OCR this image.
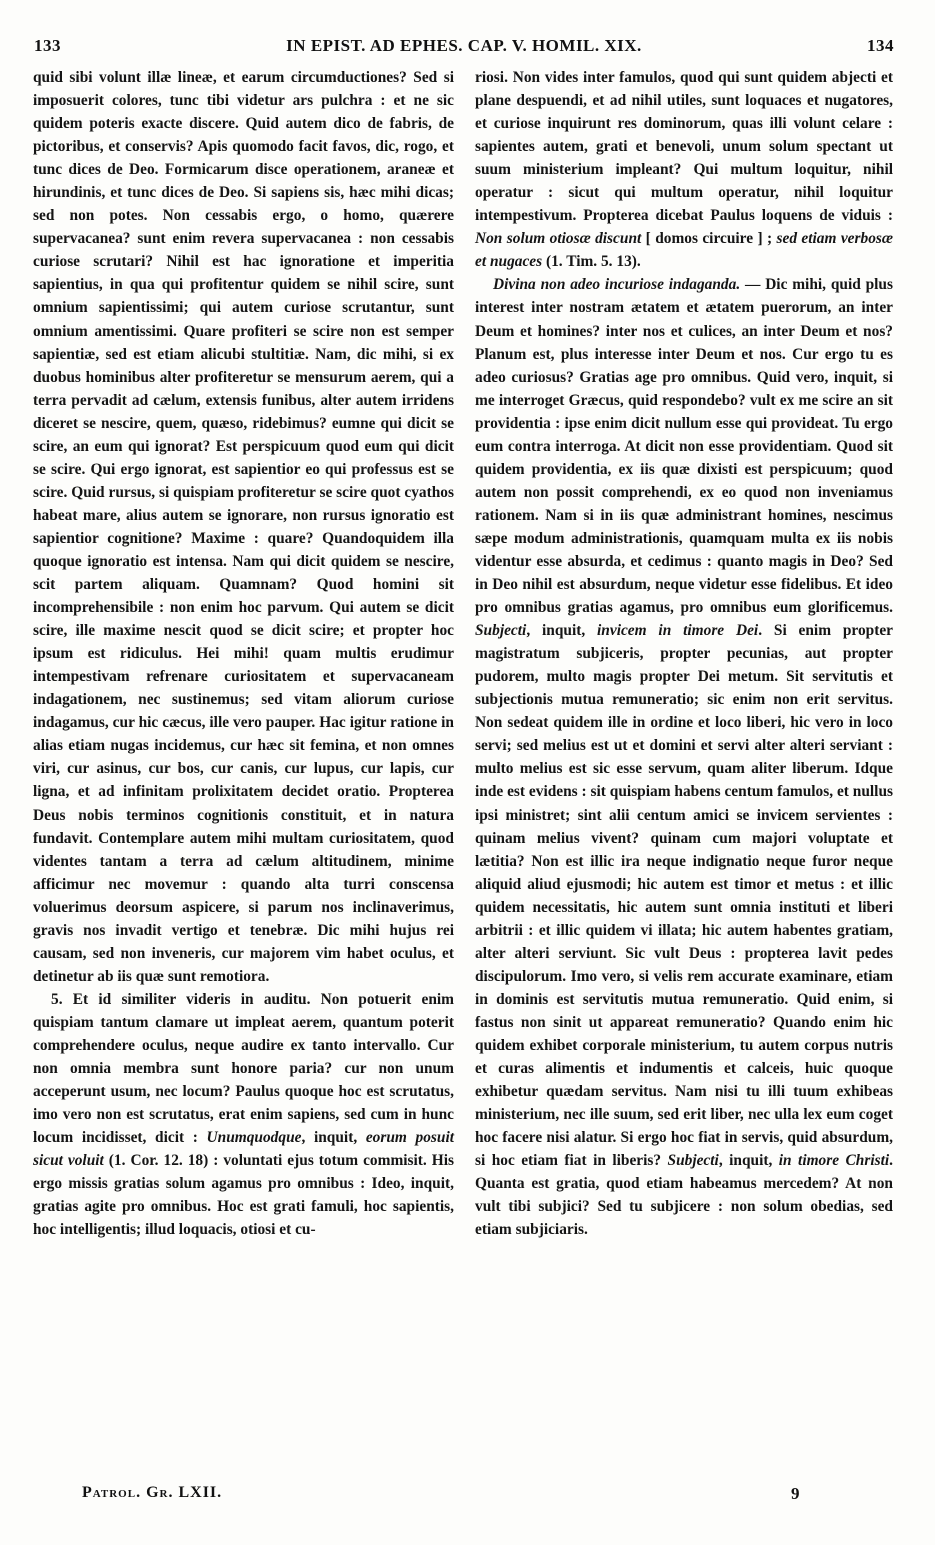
133	IN EPIST. AD EPHES. CAP. V. HOMIL. XIX.	134

quid sibi volunt illæ lineæ, et earum circumductiones? Sed si imposuerit colores, tunc tibi videtur ars pulchra : et ne sic quidem poteris exacte discere. Quid autem dico de fabris, de pictoribus, et conservis? Apis quomodo facit favos, dic, rogo, et tunc dices de Deo. Formicarum disce operationem, araneæ et hirundinis, et tunc dices de Deo. Si sapiens sis, hæc mihi dicas; sed non potes. Non cessabis ergo, o homo, quærere supervacanea? sunt enim revera supervacanea : non cessabis curiose scrutari? Nihil est hac ignoratione et imperitia sapientius, in qua qui profitentur quidem se nihil scire, sunt omnium sapientissimi; qui autem curiose scrutantur, sunt omnium amentissimi. Quare profiteri se scire non est semper sapientiæ, sed est etiam alicubi stultitiæ. Nam, dic mihi, si ex duobus hominibus alter profiteretur se mensurum aerem, qui a terra pervadit ad cælum, extensis funibus, alter autem irridens diceret se nescire, quem, quæso, ridebimus? eumne qui dicit se scire, an eum qui ignorat? Est perspicuum quod eum qui dicit se scire. Qui ergo ignorat, est sapientior eo qui professus est se scire. Quid rursus, si quispiam profiteretur se scire quot cyathos habeat mare, alius autem se ignorare, non rursus ignoratio est sapientior cognitione? Maxime : quare? Quandoquidem illa quoque ignoratio est intensa. Nam qui dicit quidem se nescire, scit partem aliquam. Quamnam? Quod homini sit incomprehensibile : non enim hoc parvum. Qui autem se dicit scire, ille maxime nescit quod se dicit scire; et propter hoc ipsum est ridiculus. Hei mihi! quam multis erudimur intempestivam refrenare curiositatem et supervacaneam indagationem, nec sustinemus; sed vitam aliorum curiose indagamus, cur hic cæcus, ille vero pauper. Hac igitur ratione in alias etiam nugas incidemus, cur hæc sit femina, et non omnes viri, cur asinus, cur bos, cur canis, cur lupus, cur lapis, cur ligna, et ad infinitam prolixitatem decidet oratio. Propterea Deus nobis terminos cognitionis constituit, et in natura fundavit. Contemplare autem mihi multam curiositatem, quod videntes tantam a terra ad cælum altitudinem, minime afficimur nec movemur : quando alta turri conscensa voluerimus deorsum aspicere, si parum nos inclinaverimus, gravis nos invadit vertigo et tenebræ. Dic mihi hujus rei causam, sed non inveneris, cur majorem vim habet oculus, et detinetur ab iis quæ sunt remotiora.

5. Et id similiter videris in auditu. Non potuerit enim quispiam tantum clamare ut impleat aerem, quantum poterit comprehendere oculus, neque audire ex tanto intervallo. Cur non omnia membra sunt honore paria? cur non unum acceperunt usum, nec locum? Paulus quoque hoc est scrutatus, imo vero non est scrutatus, erat enim sapiens, sed cum in hunc locum incidisset, dicit : Unumquodque, inquit, eorum posuit sicut voluit (1. Cor. 12. 18) : voluntati ejus totum commisit. His ergo missis gratias solum agamus pro omnibus : Ideo, inquit, gratias agite pro omnibus. Hoc est grati famuli, hoc sapientis, hoc intelligentis; illud loquacis, otiosi et cu-

riosi. Non vides inter famulos, quod qui sunt quidem abjecti et plane despuendi, et ad nihil utiles, sunt loquaces et nugatores, et curiose inquirunt res dominorum, quas illi volunt celare : sapientes autem, grati et benevoli, unum solum spectant ut suum ministerium impleant? Qui multum loquitur, nihil operatur : sicut qui multum operatur, nihil loquitur intempestivum. Propterea dicebat Paulus loquens de viduis : Non solum otiosæ discunt [ domos circuire ] ; sed etiam verbosæ et nugaces (1. Tim. 5. 13).

Divina non adeo incuriose indaganda. — Dic mihi, quid plus interest inter nostram ætatem et ætatem puerorum, an inter Deum et homines? inter nos et culices, an inter Deum et nos? Planum est, plus interesse inter Deum et nos. Cur ergo tu es adeo curiosus? Gratias age pro omnibus. Quid vero, inquit, si me interroget Græcus, quid respondebo? vult ex me scire an sit providentia : ipse enim dicit nullum esse qui provideat. Tu ergo eum contra interroga. At dicit non esse providentiam. Quod sit quidem providentia, ex iis quæ dixisti est perspicuum; quod autem non possit comprehendi, ex eo quod non inveniamus rationem. Nam si in iis quæ administrant homines, nescimus sæpe modum administrationis, quamquam multa ex iis nobis videntur esse absurda, et cedimus : quanto magis in Deo? Sed in Deo nihil est absurdum, neque videtur esse fidelibus. Et ideo pro omnibus gratias agamus, pro omnibus eum glorificemus. Subjecti, inquit, invicem in timore Dei. Si enim propter magistratum subjiceris, propter pecunias, aut propter pudorem, multo magis propter Dei metum. Sit servitutis et subjectionis mutua remuneratio; sic enim non erit servitus. Non sedeat quidem ille in ordine et loco liberi, hic vero in loco servi; sed melius est ut et domini et servi alter alteri serviant : multo melius est sic esse servum, quam aliter liberum. Idque inde est evidens : sit quispiam habens centum famulos, et nullus ipsi ministret; sint alii centum amici se invicem servientes : quinam melius vivent? quinam cum majori voluptate et lætitia? Non est illic ira neque indignatio neque furor neque aliquid aliud ejusmodi; hic autem est timor et metus : et illic quidem necessitatis, hic autem sunt omnia instituti et liberi arbitrii : et illic quidem vi illata; hic autem habentes gratiam, alter alteri serviunt. Sic vult Deus : propterea lavit pedes discipulorum. Imo vero, si velis rem accurate examinare, etiam in dominis est servitutis mutua remuneratio. Quid enim, si fastus non sinit ut appareat remuneratio? Quando enim hic quidem exhibet corporale ministerium, tu autem corpus nutris et curas alimentis et indumentis et calceis, huic quoque exhibetur quædam servitus. Nam nisi tu illi tuum exhibeas ministerium, nec ille suum, sed erit liber, nec ulla lex eum coget hoc facere nisi alatur. Si ergo hoc fiat in servis, quid absurdum, si hoc etiam fiat in liberis? Subjecti, inquit, in timore Christi. Quanta est gratia, quod etiam habeamus mercedem? At non vult tibi subjici? Sed tu subjicere : non solum obedias, sed etiam subjiciaris.

Patrol. Gr. LXII.	9
